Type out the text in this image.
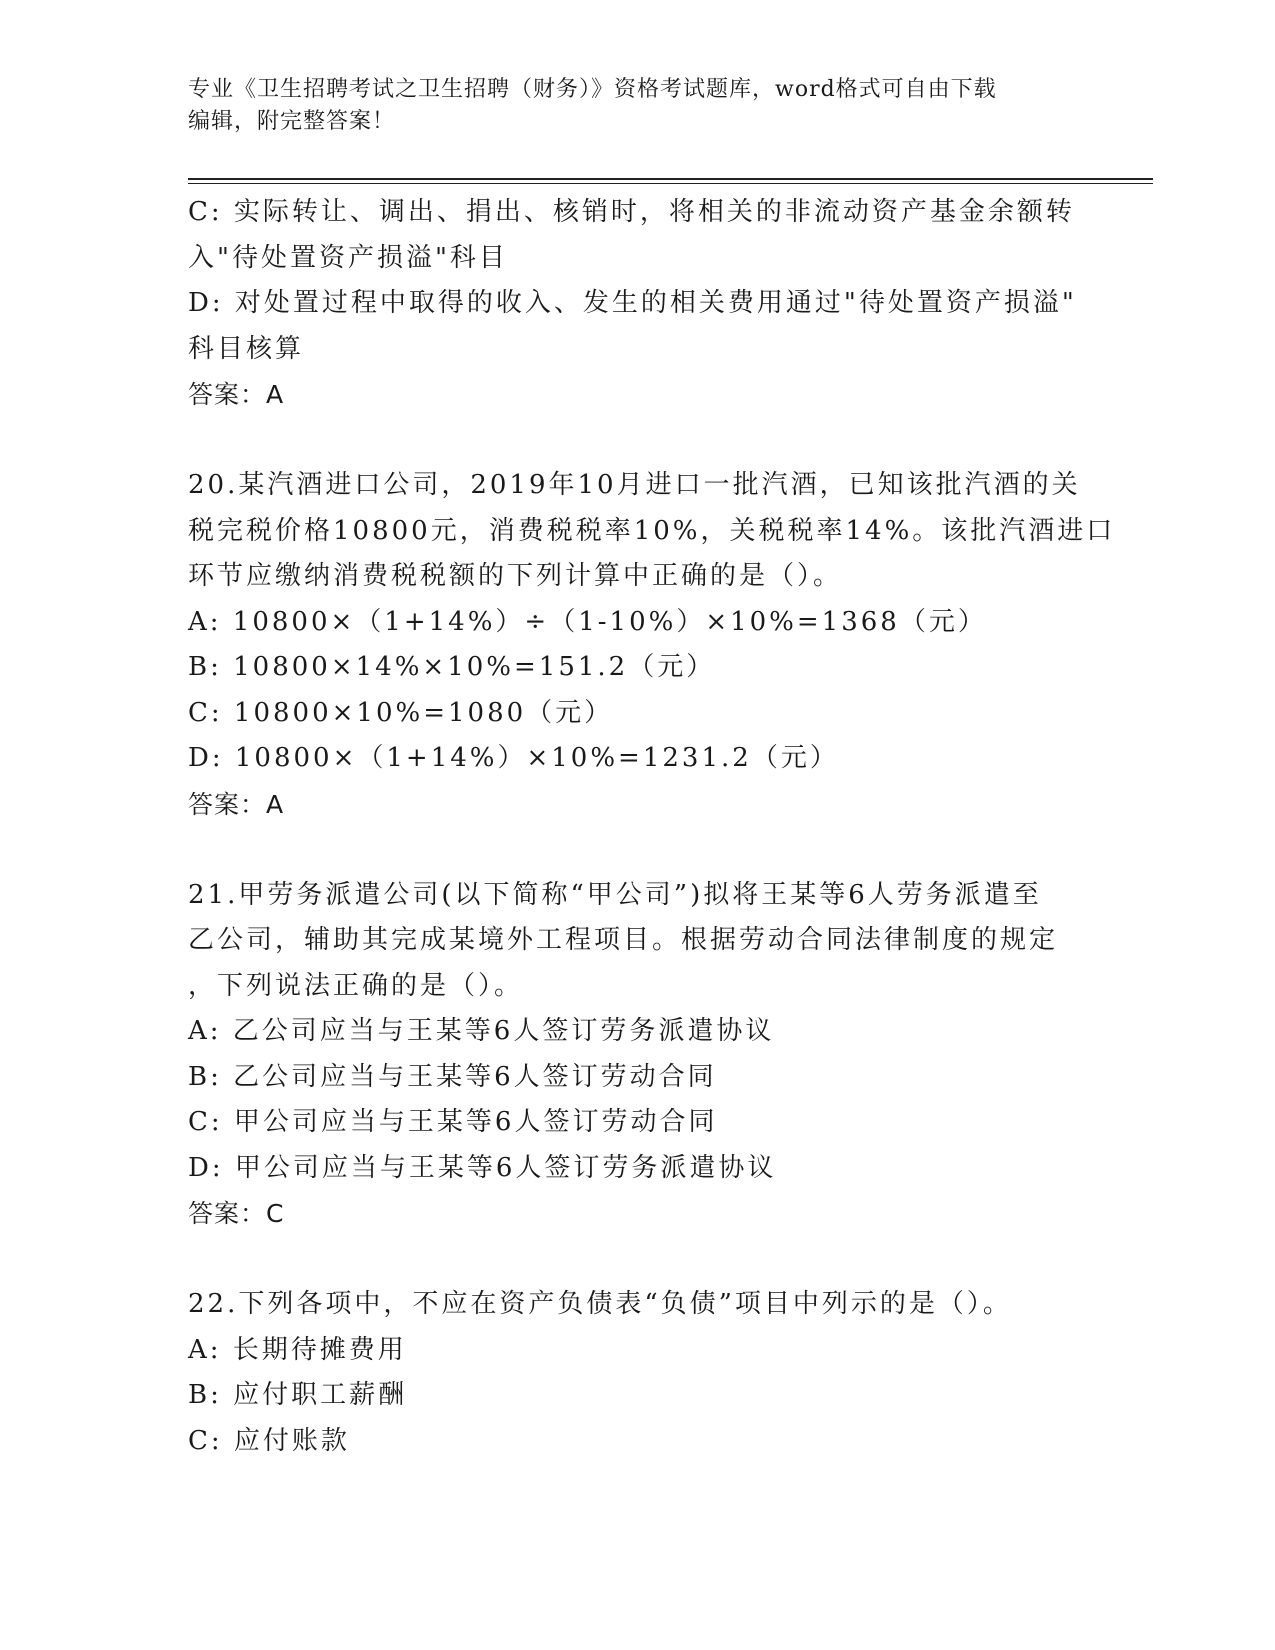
专业《卫生招聘考试之卫生招聘（财务）》资格考试题库，word格式可自由下载
编辑，附完整答案！
C: 实际转让、调出、捐出、核销时，将相关的非流动资产基金余额转
入"待处置资产损溢"科目
D: 对处置过程中取得的收入、发生的相关费用通过"待处置资产损溢"
科目核算
答案：A
20.某汽酒进口公司，2019年10月进口一批汽酒，已知该批汽酒的关
税完税价格10800元，消费税税率10%，关税税率14%。该批汽酒进口
环节应缴纳消费税税额的下列计算中正确的是（）。
A: 10800×（1+14%）÷（1-10%）×10%=1368（元）
B: 10800×14%×10%=151.2（元）
C: 10800×10%=1080（元）
D: 10800×（1+14%）×10%=1231.2（元）
答案：A
21.甲劳务派遣公司(以下简称“甲公司”)拟将王某等6人劳务派遣至
乙公司，辅助其完成某境外工程项目。根据劳动合同法律制度的规定
，下列说法正确的是（）。
A: 乙公司应当与王某等6人签订劳务派遣协议
B: 乙公司应当与王某等6人签订劳动合同
C: 甲公司应当与王某等6人签订劳动合同
D: 甲公司应当与王某等6人签订劳务派遣协议
答案：C
22.下列各项中，不应在资产负债表“负债”项目中列示的是（）。
A: 长期待摊费用
B: 应付职工薪酬
C: 应付账款
